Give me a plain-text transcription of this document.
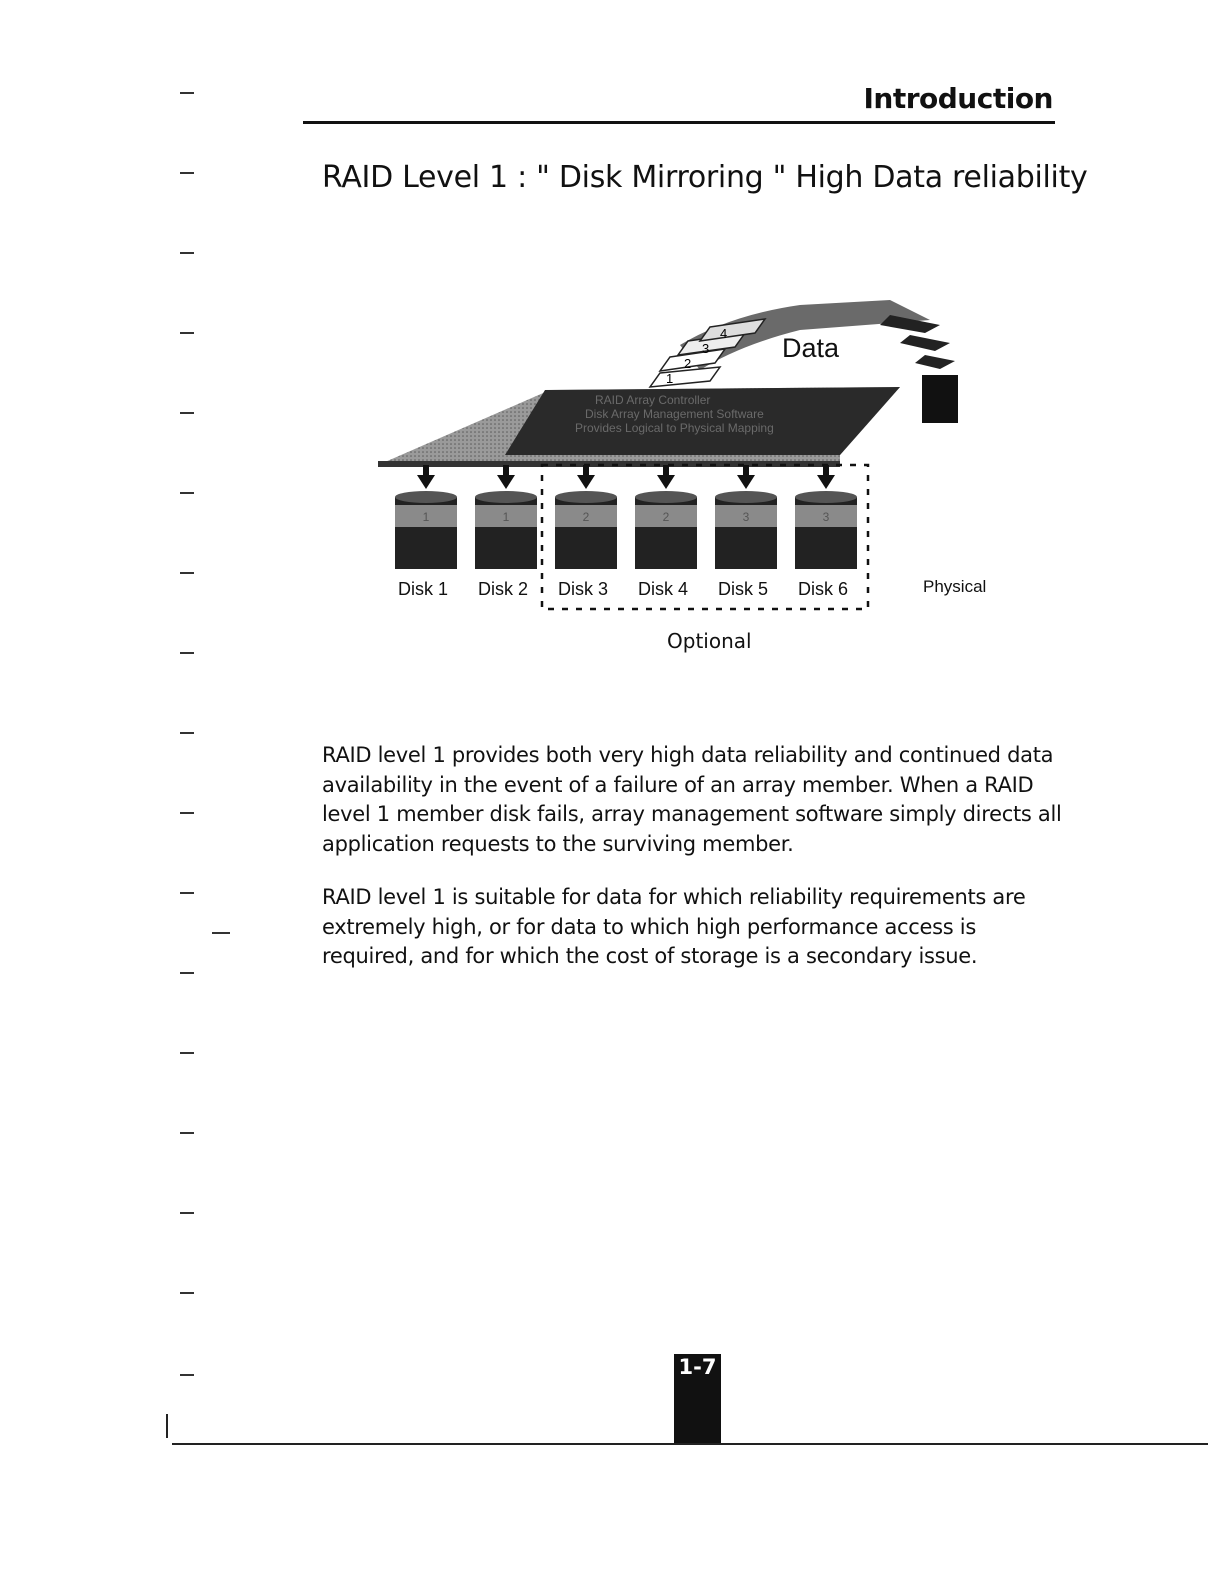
Introduction
RAID Level 1 : " Disk Mirroring " High Data reliability
1	1	2	2	3	3
1
2
3
4 Data
Physical
Optional
Disk 1 Disk 2 Disk 3 Disk 4 Disk 5 Disk 6
RAID Array Controller
Disk Array Management Software
Provides Logical to Physical Mapping
RAID level 1 provides both very high data reliability and continued data availability in the event of a failure of an array member. When a RAID level 1 member disk fails, array management software simply directs all application requests to the surviving member.
RAID level 1 is suitable for data for which reliability requirements are extremely high, or for data to which high performance access is required, and for which the cost of storage is a secondary issue.
1-7
